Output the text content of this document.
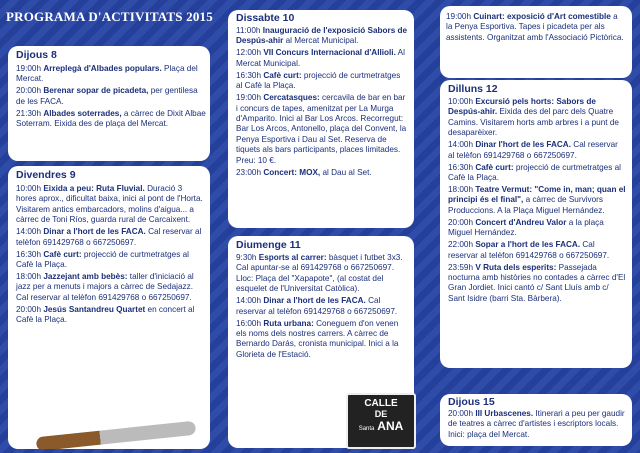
PROGRAMA D'ACTIVITATS 2015
Dijous 8

19:00h Arreplegà d'Albades populars. Plaça del Mercat.

20:00h Berenar sopar de picadeta, per gentilesa de les FACA.

21:30h Albades soterrades, a càrrec de Dixit Albae Soterram. Eixida des de plaça del Mercat.

Divendres 9

10:00h Eixida a peu: Ruta Fluvial. Duració 3 hores aprox., dificultat baixa, inici al pont de l'Horta. Visitarem antics embarcadors, molins d'aigua... a càrrec de Toni Ríos, guarda rural de Carcaixent.

14:00h Dinar a l'hort de les FACA. Cal reservar al telèfon 691429768 o 667250697.

16:30h Cafè curt: projecció de curtmetratges al Cafè la Plaça.

18:00h Jazzejant amb bebès: taller d'iniciació al jazz per a menuts i majors a càrrec de Sedajazz. Cal reservar al telèfon 691429768 o 667250697.

20:00h Jesús Santandreu Quartet en concert al Cafè la Plaça.

Dissabte 10

11:00h Inauguració de l'exposició Sabors de Despús-ahir al Mercat Municipal.

12:00h VII Concurs Internacional d'Allioli. Al Mercat Municipal.

16:30h Cafè curt: projecció de curtmetratges al Cafè la Plaça.

19:00h Cercatasques: cercavila de bar en bar i concurs de tapes, amenitzat per La Murga d'Amparito. Inici al Bar Los Arcos. Recorregut: Bar Los Arcos, Antonello, plaça del Convent, la Penya Esportiva i Dau al Set. Reserva de tiquets als bars participants, places limitades. Preu: 10 €.

23:00h Concert: MOX, al Dau al Set.

Diumenge 11

9:30h Esports al carrer: bàsquet i futbet 3x3. Cal apuntar-se al 691429768 o 667250697. Lloc: Plaça del "Xapapote", (al costat del esquelet de l'Universitat Catòlica).

14:00h Dinar a l'hort de les FACA. Cal reservar al telèfon 691429768 o 667250697.

16:00h Ruta urbana: Coneguem d'on venen els noms dels nostres carrers. A càrrec de Bernardo Darás, cronista municipal. Inici a la Glorieta de l'Estació.

CALLE
DE
Santa ANA

19:00h Cuinart: exposició d'Art comestible a la Penya Esportiva. Tapes i picadeta per als assistents. Organitzat amb l'Associació Pictòrica.

Dilluns 12

10:00h Excursió pels horts: Sabors de Despús-ahir. Eixida des del parc dels Quatre Camins. Visitarem horts amb arbres i a punt de desaparèixer.

14:00h Dinar l'hort de les FACA. Cal reservar al telèfon 691429768 o 667250697.

16:30h Cafè curt: projecció de curtmetratges al Cafè la Plaça.

18:00h Teatre Vermut: "Come in, man; quan el principi és el final", a càrrec de Survivors Produccions. A la Plaça Miguel Hernández.

20:00h Concert d'Andreu Valor a la plaça Miguel Hernández.

22:00h Sopar a l'hort de les FACA. Cal reservar al telèfon 691429768 o 667250697.

23:59h V Ruta dels esperits: Passejada nocturna amb històries no contades a càrrec d'El Gran Jordiet. Inici cantó c/ Sant Lluís amb c/ Sant Isidre (barri Sta. Bàrbera).

Dijous 15

20:00h III Urbascenes. Itinerari a peu per gaudir de teatres a càrrec d'artistes i escriptors locals. Inici: plaça del Mercat.
